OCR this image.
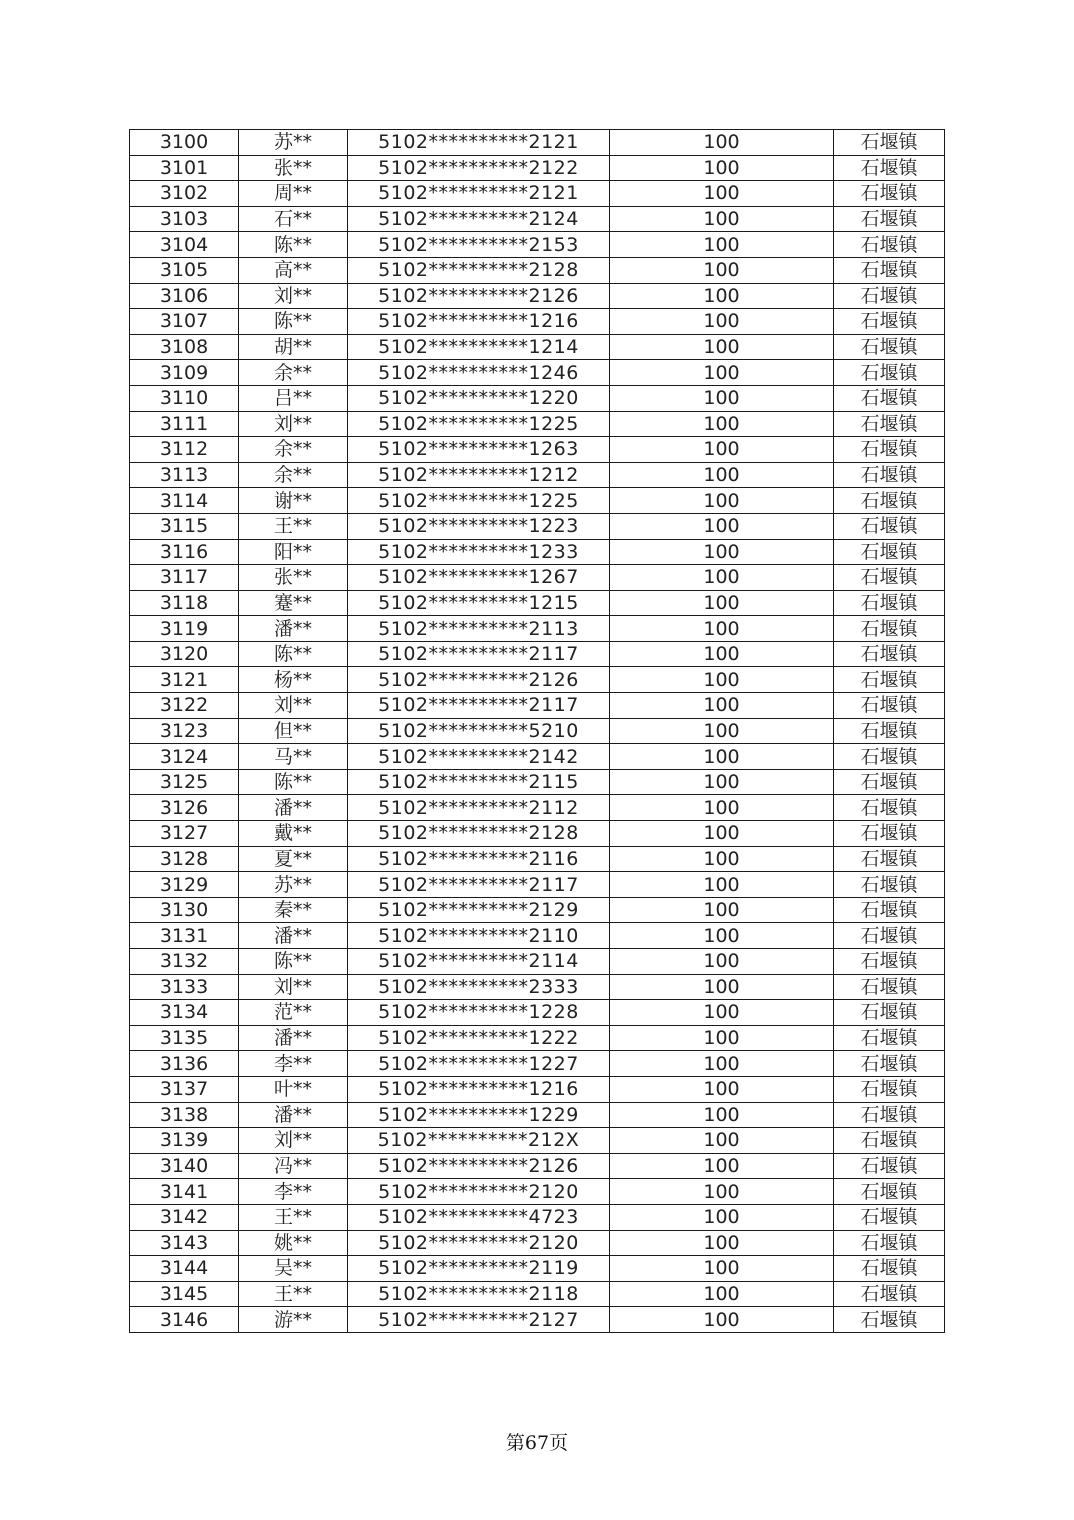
3100	苏**	5102**********2121	100	石堰镇
3101	张**	5102**********2122	100	石堰镇
3102	周**	5102**********2121	100	石堰镇
3103	石**	5102**********2124	100	石堰镇
3104	陈**	5102**********2153	100	石堰镇
3105	高**	5102**********2128	100	石堰镇
3106	刘**	5102**********2126	100	石堰镇
3107	陈**	5102**********1216	100	石堰镇
3108	胡**	5102**********1214	100	石堰镇
3109	余**	5102**********1246	100	石堰镇
3110	吕**	5102**********1220	100	石堰镇
3111	刘**	5102**********1225	100	石堰镇
3112	余**	5102**********1263	100	石堰镇
3113	余**	5102**********1212	100	石堰镇
3114	谢**	5102**********1225	100	石堰镇
3115	王**	5102**********1223	100	石堰镇
3116	阳**	5102**********1233	100	石堰镇
3117	张**	5102**********1267	100	石堰镇
3118	蹇**	5102**********1215	100	石堰镇
3119	潘**	5102**********2113	100	石堰镇
3120	陈**	5102**********2117	100	石堰镇
3121	杨**	5102**********2126	100	石堰镇
3122	刘**	5102**********2117	100	石堰镇
3123	但**	5102**********5210	100	石堰镇
3124	马**	5102**********2142	100	石堰镇
3125	陈**	5102**********2115	100	石堰镇
3126	潘**	5102**********2112	100	石堰镇
3127	戴**	5102**********2128	100	石堰镇
3128	夏**	5102**********2116	100	石堰镇
3129	苏**	5102**********2117	100	石堰镇
3130	秦**	5102**********2129	100	石堰镇
3131	潘**	5102**********2110	100	石堰镇
3132	陈**	5102**********2114	100	石堰镇
3133	刘**	5102**********2333	100	石堰镇
3134	范**	5102**********1228	100	石堰镇
3135	潘**	5102**********1222	100	石堰镇
3136	李**	5102**********1227	100	石堰镇
3137	叶**	5102**********1216	100	石堰镇
3138	潘**	5102**********1229	100	石堰镇
3139	刘**	5102**********212X	100	石堰镇
3140	冯**	5102**********2126	100	石堰镇
3141	李**	5102**********2120	100	石堰镇
3142	王**	5102**********4723	100	石堰镇
3143	姚**	5102**********2120	100	石堰镇
3144	吴**	5102**********2119	100	石堰镇
3145	王**	5102**********2118	100	石堰镇
3146	游**	5102**********2127	100	石堰镇
第67页
